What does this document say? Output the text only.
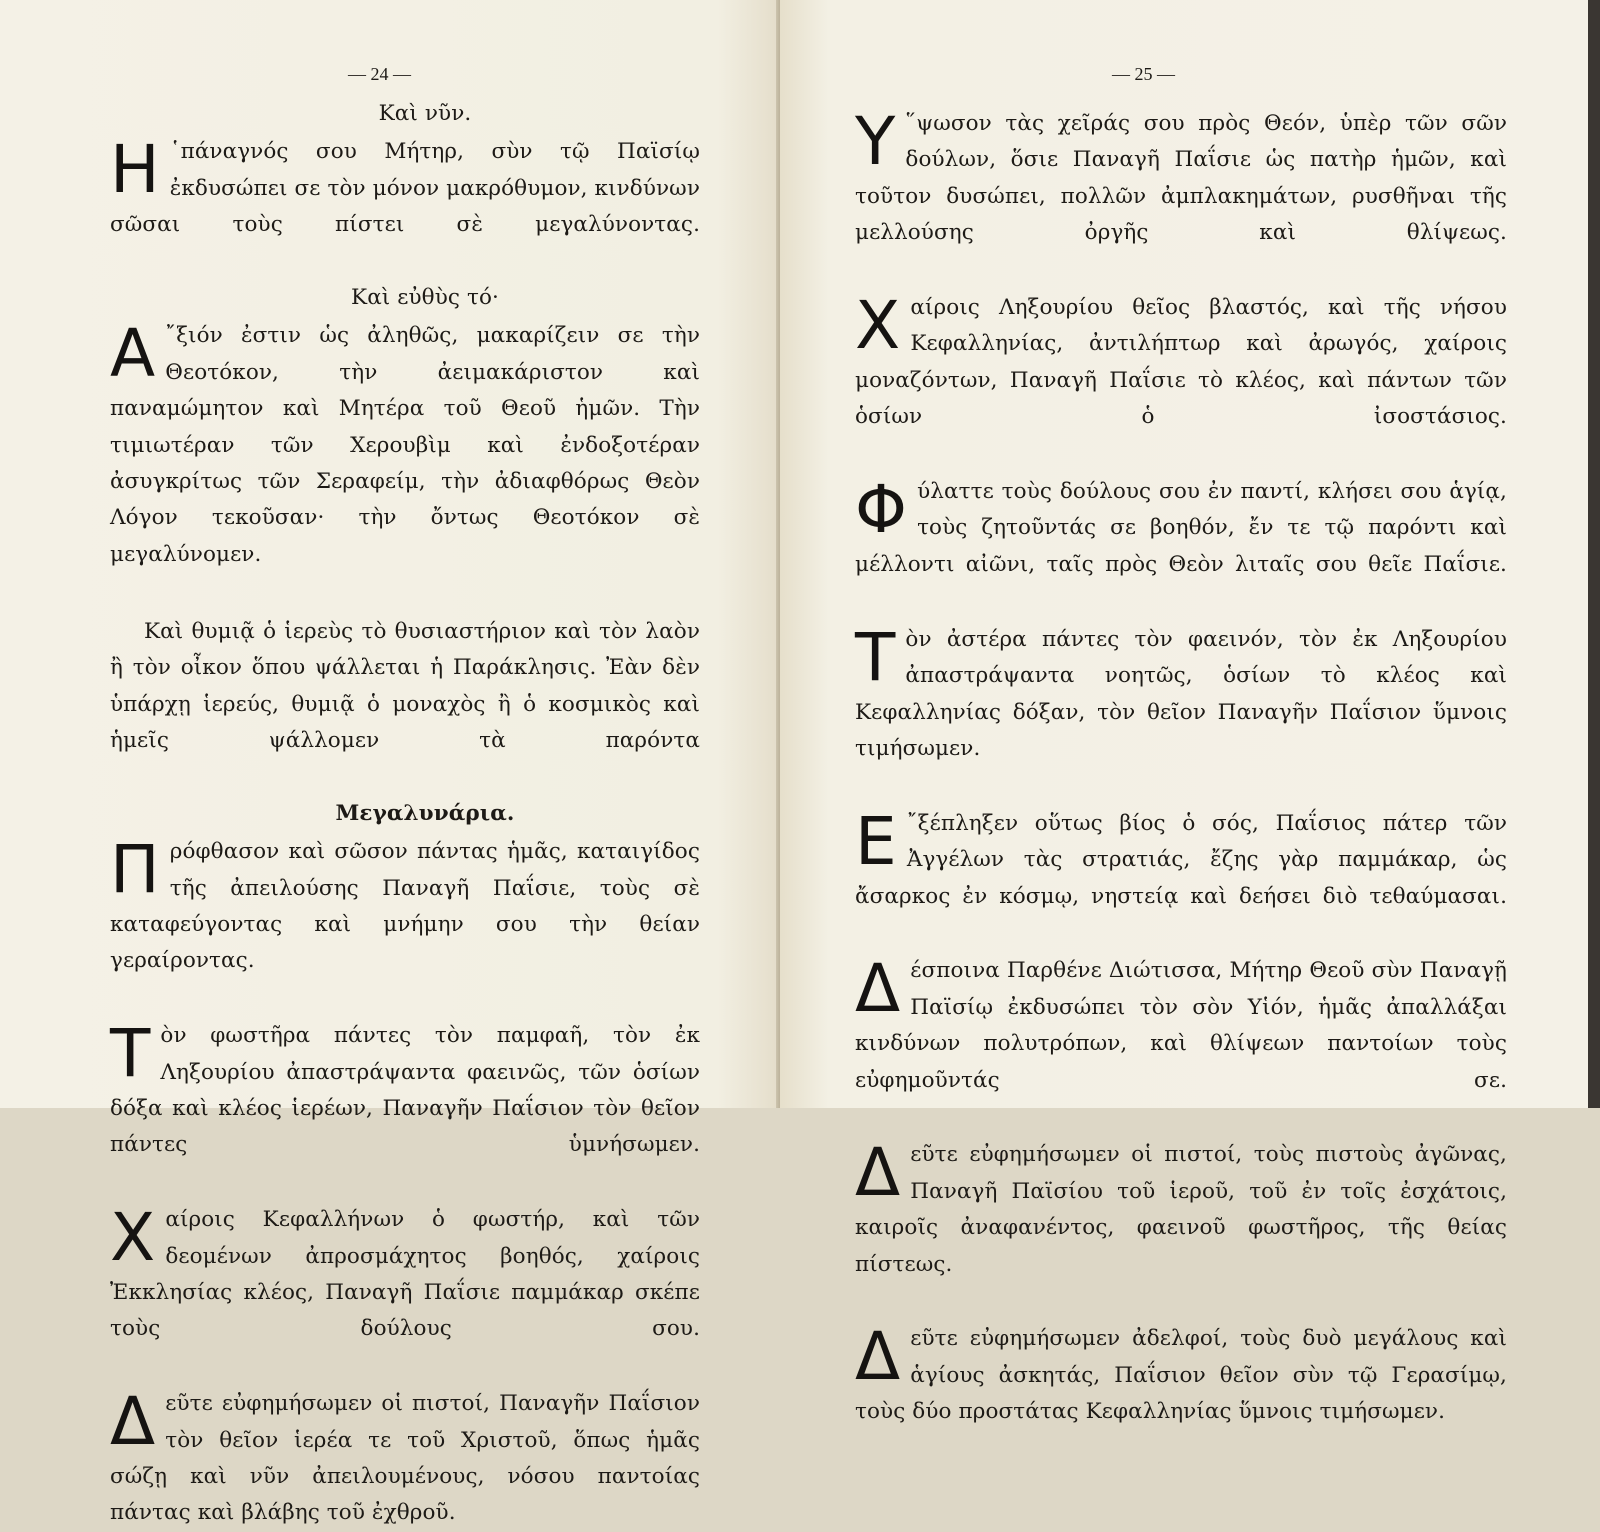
— 24 —
Καὶ νῦν.

Η ῾πάναγνός σου Μήτηρ, σὺν τῷ Παϊσίῳ ἐκδυσώπει σε τὸν μόνον μακρόθυμον, κινδύνων σῶσαι τοὺς πίστει σὲ μεγαλύνοντας.

Καὶ εὐθὺς τό·

Α ῎ξιόν ἐστιν ὡς ἀληθῶς, μακαρίζειν σε τὴν Θεοτόκον, τὴν ἀειμακάριστον καὶ παναμώμητον καὶ Μητέρα τοῦ Θεοῦ ἡμῶν. Τὴν τιμιωτέραν τῶν Χερουβὶμ καὶ ἐνδοξοτέραν ἀσυγκρίτως τῶν Σεραφείμ, τὴν ἀδιαφθόρως Θεὸν Λόγον τεκοῦσαν· τὴν ὄντως Θεοτόκον σὲ μεγαλύνομεν.

Καὶ θυμιᾷ ὁ ἱερεὺς τὸ θυσιαστήριον καὶ τὸν λαὸν ἢ τὸν οἶκον ὅπου ψάλλεται ἡ Παράκλησις. Ἐὰν δὲν ὑπάρχῃ ἱερεύς, θυμιᾷ ὁ μοναχὸς ἢ ὁ κοσμικὸς καὶ ἡμεῖς ψάλλομεν τὰ παρόντα

Μεγαλυνάρια.

Πρόφθασον καὶ σῶσον πάντας ἡμᾶς, καταιγίδος τῆς ἀπειλούσης Παναγῆ Παΐσιε, τοὺς σὲ καταφεύγοντας καὶ μνήμην σου τὴν θείαν γεραίροντας.

Τὸν φωστῆρα πάντες τὸν παμφαῆ, τὸν ἐκ Ληξουρίου ἀπαστράψαντα φαεινῶς, τῶν ὁσίων δόξα καὶ κλέος ἱερέων, Παναγῆν Παΐσιον τὸν θεῖον πάντες ὑμνήσωμεν.

Χαίροις Κεφαλλήνων ὁ φωστήρ, καὶ τῶν δεομένων ἀπροσμάχητος βοηθός, χαίροις Ἐκκλησίας κλέος, Παναγῆ Παΐσιε παμμάκαρ σκέπε τοὺς δούλους σου.

Δεῦτε εὐφημήσωμεν οἱ πιστοί, Παναγῆν Παΐσιον τὸν θεῖον ἱερέα τε τοῦ Χριστοῦ, ὅπως ἡμᾶς σώζῃ καὶ νῦν ἀπειλουμένους, νόσου παντοίας πάντας καὶ βλάβης τοῦ ἐχθροῦ.

— 25 —

Υ ῞ψωσον τὰς χεῖράς σου πρὸς Θεόν, ὑπὲρ τῶν σῶν δούλων, ὅσιε Παναγῆ Παΐσιε ὡς πατὴρ ἡμῶν, καὶ τοῦτον δυσώπει, πολλῶν ἀμπλακημάτων, ρυσθῆναι τῆς μελλούσης ὀργῆς καὶ θλίψεως.

Χαίροις Ληξουρίου θεῖος βλαστός, καὶ τῆς νήσου Κεφαλληνίας, ἀντιλήπτωρ καὶ ἀρωγός, χαίροις μοναζόντων, Παναγῆ Παΐσιε τὸ κλέος, καὶ πάντων τῶν ὁσίων ὁ ἰσοστάσιος.

Φύλαττε τοὺς δούλους σου ἐν παντί, κλήσει σου ἁγίᾳ, τοὺς ζητοῦντάς σε βοηθόν, ἔν τε τῷ παρόντι καὶ μέλλοντι αἰῶνι, ταῖς πρὸς Θεὸν λιταῖς σου θεῖε Παΐσιε.

Τὸν ἀστέρα πάντες τὸν φαεινόν, τὸν ἐκ Ληξουρίου ἀπαστράψαντα νοητῶς, ὁσίων τὸ κλέος καὶ Κεφαλληνίας δόξαν, τὸν θεῖον Παναγῆν Παΐσιον ὕμνοις τιμήσωμεν.

Ε ῎ξέπληξεν οὕτως βίος ὁ σός, Παΐσιος πάτερ τῶν Ἀγγέλων τὰς στρατιάς, ἔζης γὰρ παμμάκαρ, ὡς ἄσαρκος ἐν κόσμῳ, νηστείᾳ καὶ δεήσει διὸ τεθαύμασαι.

Δέσποινα Παρθένε Διώτισσα, Μήτηρ Θεοῦ σὺν Παναγῇ Παϊσίῳ ἐκδυσώπει τὸν σὸν Υἱόν, ἡμᾶς ἀπαλλάξαι κινδύνων πολυτρόπων, καὶ θλίψεων παντοίων τοὺς εὐφημοῦντάς σε.

Δεῦτε εὐφημήσωμεν οἱ πιστοί, τοὺς πιστοὺς ἀγῶνας, Παναγῆ Παϊσίου τοῦ ἱεροῦ, τοῦ ἐν τοῖς ἐσχάτοις, καιροῖς ἀναφανέντος, φαεινοῦ φωστῆρος, τῆς θείας πίστεως.

Δεῦτε εὐφημήσωμεν ἀδελφοί, τοὺς δυὸ μεγάλους καὶ ἁγίους ἀσκητάς, Παΐσιον θεῖον σὺν τῷ Γερασίμῳ, τοὺς δύο προστάτας Κεφαλληνίας ὕμνοις τιμήσωμεν.
